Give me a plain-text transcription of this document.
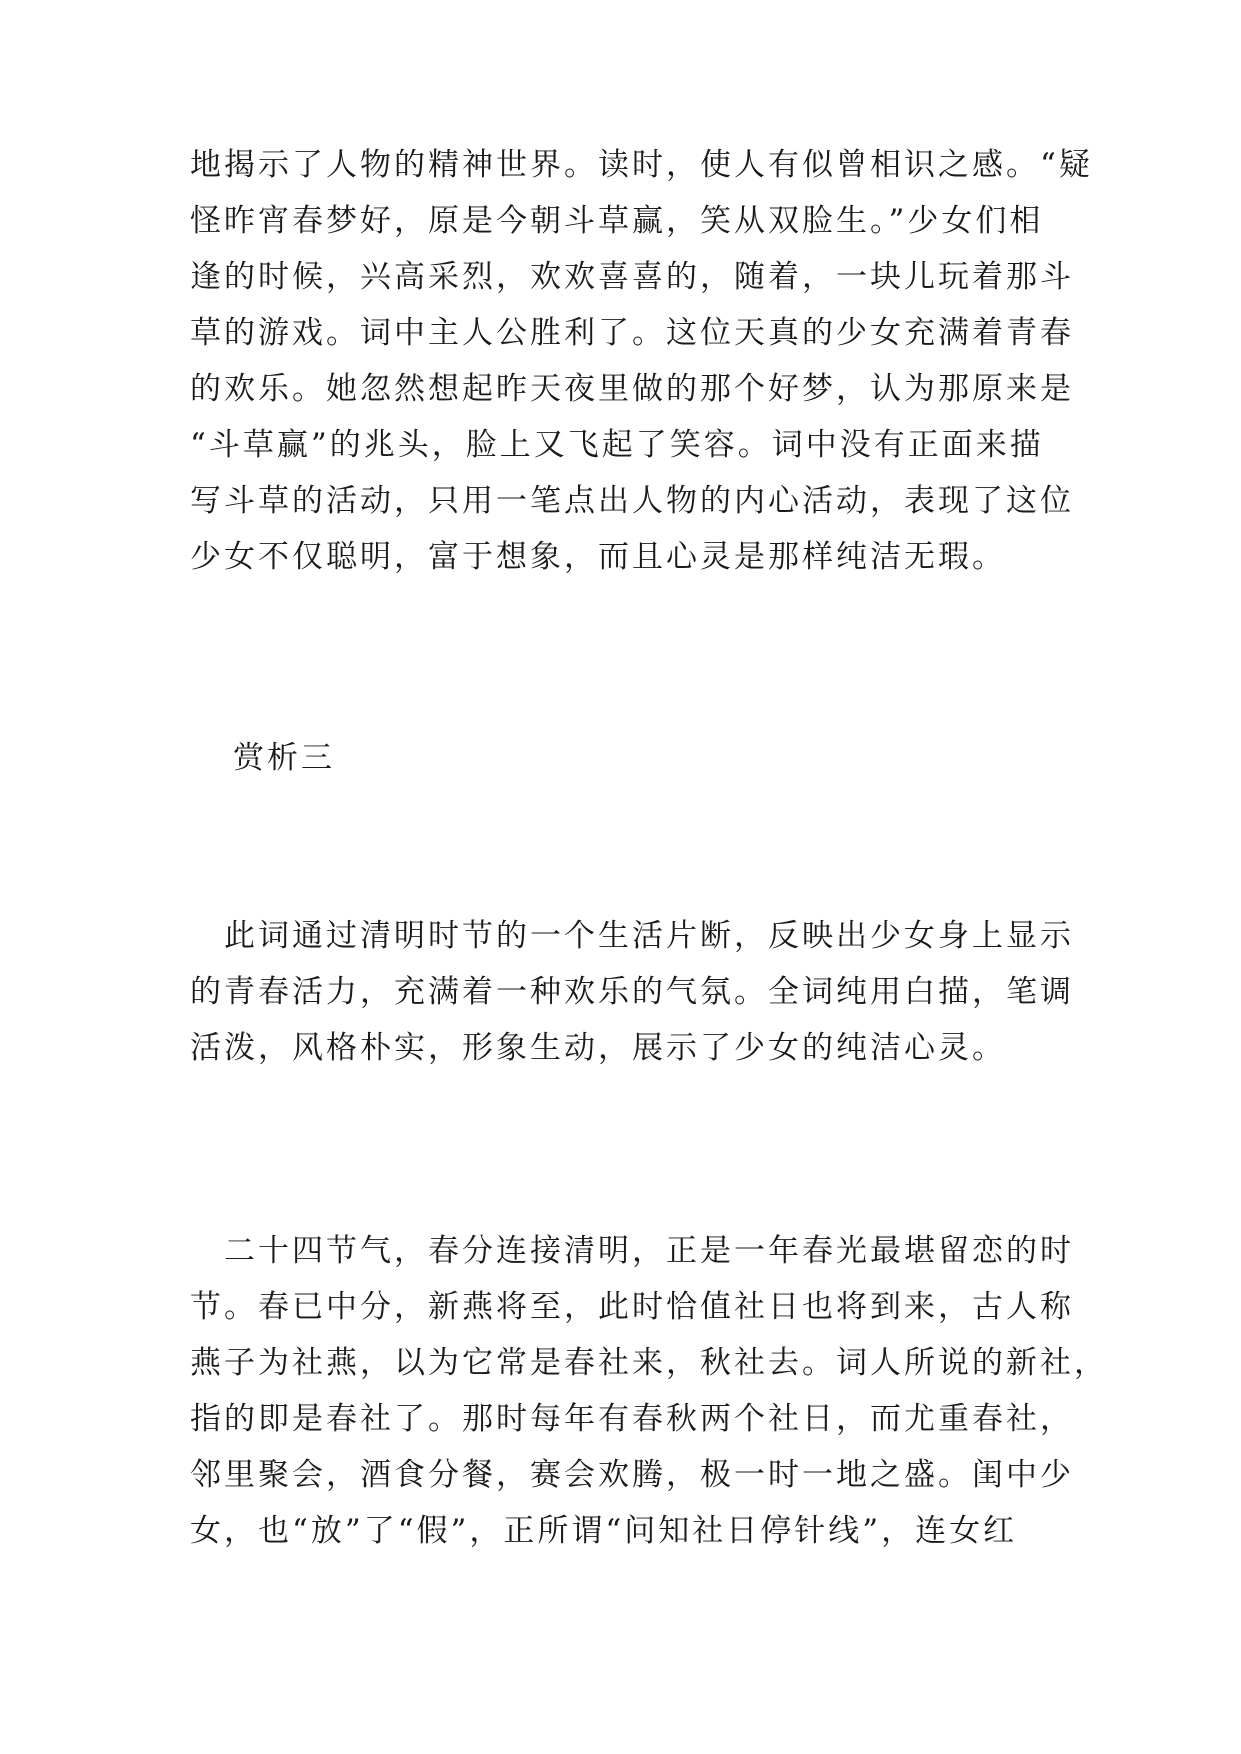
地揭示了人物的精神世界。读时，使人有似曾相识之感。“疑
怪昨宵春梦好，原是今朝斗草赢，笑从双脸生。”少女们相
逢的时候，兴高采烈，欢欢喜喜的，随着，一块儿玩着那斗
草的游戏。词中主人公胜利了。这位天真的少女充满着青春
的欢乐。她忽然想起昨天夜里做的那个好梦，认为那原来是
“斗草赢”的兆头，脸上又飞起了笑容。词中没有正面来描
写斗草的活动，只用一笔点出人物的内心活动，表现了这位
少女不仅聪明，富于想象，而且心灵是那样纯洁无瑕。
赏析三
　此词通过清明时节的一个生活片断，反映出少女身上显示
的青春活力，充满着一种欢乐的气氛。全词纯用白描，笔调
活泼，风格朴实，形象生动，展示了少女的纯洁心灵。
　二十四节气，春分连接清明，正是一年春光最堪留恋的时
节。春已中分，新燕将至，此时恰值社日也将到来，古人称
燕子为社燕，以为它常是春社来，秋社去。词人所说的新社，
指的即是春社了。那时每年有春秋两个社日，而尤重春社，
邻里聚会，酒食分餐，赛会欢腾，极一时一地之盛。闺中少
女，也“放”了“假”，正所谓“问知社日停针线”，连女红
